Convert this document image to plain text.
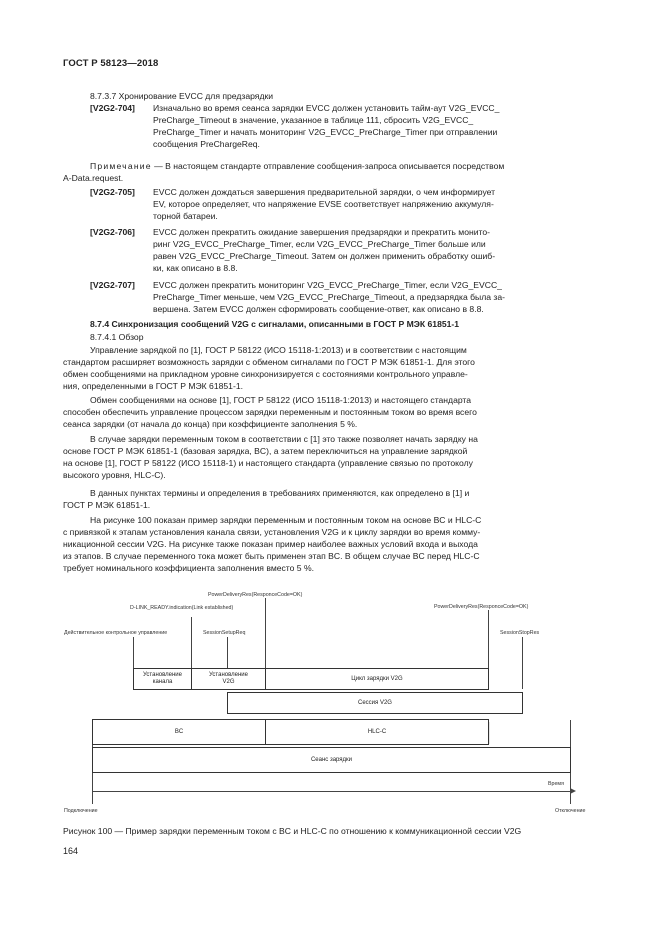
ГОСТ Р 58123—2018
8.7.3.7 Хронирование EVCC для предзарядки
[V2G2-704] Изначально во время сеанса зарядки EVCC должен установить тайм-аут V2G_EVCC_
PreCharge_Timeout в значение, указанное в таблице 111, сбросить V2G_EVCC_
PreCharge_Timer и начать мониторинг V2G_EVCC_PreCharge_Timer при отправлении
сообщения PreChargeReq.
Примечание — В настоящем стандарте отправление сообщения-запроса описывается посредством
A-Data.request.
[V2G2-705] EVCC должен дождаться завершения предварительной зарядки, о чем информирует
EV, которое определяет, что напряжение EVSE соответствует напряжению аккумуля-
торной батареи.
[V2G2-706] EVCC должен прекратить ожидание завершения предзарядки и прекратить монито-
ринг V2G_EVCC_PreCharge_Timer, если V2G_EVCC_PreCharge_Timer больше или
равен V2G_EVCC_PreCharge_Timeout. Затем он должен применить обработку ошиб-
ки, как описано в 8.8.
[V2G2-707] EVCC должен прекратить мониторинг V2G_EVCC_PreCharge_Timer, если V2G_EVCC_
PreCharge_Timer меньше, чем V2G_EVCC_PreCharge_Timeout, а предзарядка была за-
вершена. Затем EVCC должен сформировать сообщение-ответ, как описано в 8.8.
8.7.4 Синхронизация сообщений V2G с сигналами, описанными в ГОСТ Р МЭК 61851-1
8.7.4.1 Обзор
Управление зарядкой по [1], ГОСТ Р 58122 (ИСО 15118-1:2013) и в соответствии с настоящим
стандартом расширяет возможность зарядки с обменом сигналами по ГОСТ Р МЭК 61851-1. Для этого
обмен сообщениями на прикладном уровне синхронизируется с состояниями контрольного управле-
ния, определенными в ГОСТ Р МЭК 61851-1.
Обмен сообщениями на основе [1], ГОСТ Р 58122 (ИСО 15118-1:2013) и настоящего стандарта
способен обеспечить управление процессом зарядки переменным и постоянным током во время всего
сеанса зарядки (от начала до конца) при коэффициенте заполнения 5 %.
В случае зарядки переменным током в соответствии с [1] это также позволяет начать зарядку на
основе ГОСТ Р МЭК 61851-1 (базовая зарядка, BC), а затем переключиться на управление зарядкой
на основе [1], ГОСТ Р 58122 (ИСО 15118-1) и настоящего стандарта (управление связью по протоколу
высокого уровня, HLC-C).
В данных пунктах термины и определения в требованиях применяются, как определено в [1] и
ГОСТ Р МЭК 61851-1.
На рисунке 100 показан пример зарядки переменным и постоянным током на основе BC и HLC-C
с привязкой к этапам установления канала связи, установления V2G и к циклу зарядки во время комму-
никационной сессии V2G. На рисунке также показан пример наиболее важных условий входа и выхода
из этапов. В случае переменного тока может быть применен этап BC. В общем случае BC перед HLC-C
требует номинального коэффициента заполнения вместо 5 %.
PowerDeliveryRes(ResponceCode=OK)
D-LINK_READY.indication(Link established)	PowerDeliveryRes(ResponceCode=OK)
Действительное контрольное управление	SessionSetupReq	SessionStopRes
Установление канала
Установление V2G
Цикл зарядки V2G
Сессия V2G
BC	HLC-C
Сеанс зарядки
Время
Подключение	Отключение
Рисунок 100 — Пример зарядки переменным током с BC и HLC-C по отношению к коммуникационной сессии V2G
164
